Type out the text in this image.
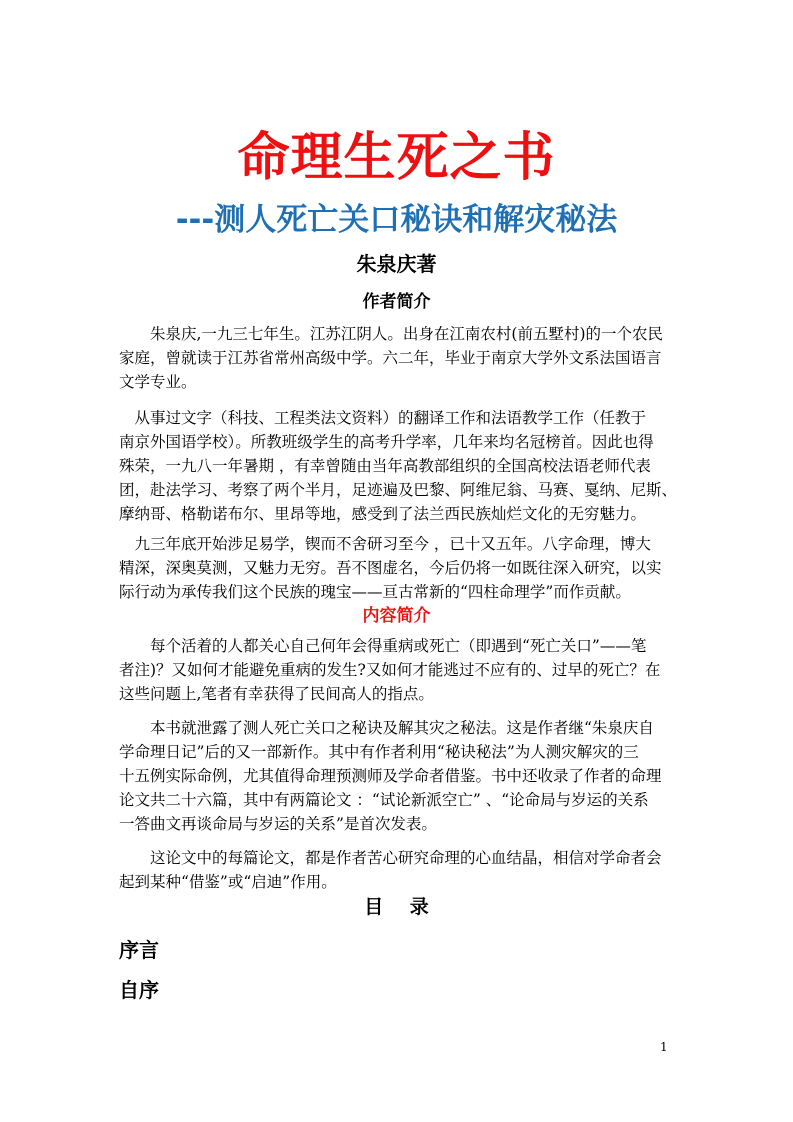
命理生死之书
---测人死亡关口秘诀和解灾秘法
朱泉庆著
作者简介
　　朱泉庆,一九三七年生。江苏江阴人。出身在江南农村(前五墅村)的一个农民
家庭，曾就读于江苏省常州高级中学。六二年，毕业于南京大学外文系法国语言
文学专业。
　从事过文字（科技、工程类法文资料）的翻译工作和法语教学工作（任教于
南京外国语学校）。所教班级学生的高考升学率，几年来均名冠榜首。因此也得
殊荣，一九八一年暑期 ，有幸曾随由当年高教部组织的全国高校法语老师代表
团，赴法学习、考察了两个半月，足迹遍及巴黎、阿维尼翁、马赛、戛纳、尼斯、
摩纳哥、格勒诺布尔、里昂等地，感受到了法兰西民族灿烂文化的无穷魅力。
　九三年底开始涉足易学，锲而不舍研习至今 ，已十又五年。八字命理，博大
精深，深奥莫测，又魅力无穷。吾不图虚名，今后仍将一如既往深入研究，以实
际行动为承传我们这个民族的瑰宝——亘古常新的“四柱命理学”而作贡献。
内容简介
　　每个活着的人都关心自己何年会得重病或死亡（即遇到“死亡关口”——笔
者注)？又如何才能避免重病的发生?又如何才能逃过不应有的、过早的死亡？在
这些问题上,笔者有幸获得了民间高人的指点。
　　本书就泄露了测人死亡关口之秘诀及解其灾之秘法。这是作者继“朱泉庆自
学命理日记”后的又一部新作。其中有作者利用“秘诀秘法”为人测灾解灾的三
十五例实际命例，尤其值得命理预测师及学命者借鉴。书中还收录了作者的命理
论文共二十六篇，其中有两篇论文 ：“试论新派空亡” 、“论命局与岁运的关系
一答曲文再谈命局与岁运的关系”是首次发表。
　　这论文中的每篇论文，都是作者苦心研究命理的心血结晶，相信对学命者会
起到某种“借鉴”或“启迪”作用。
目 录
序言
自序
1
